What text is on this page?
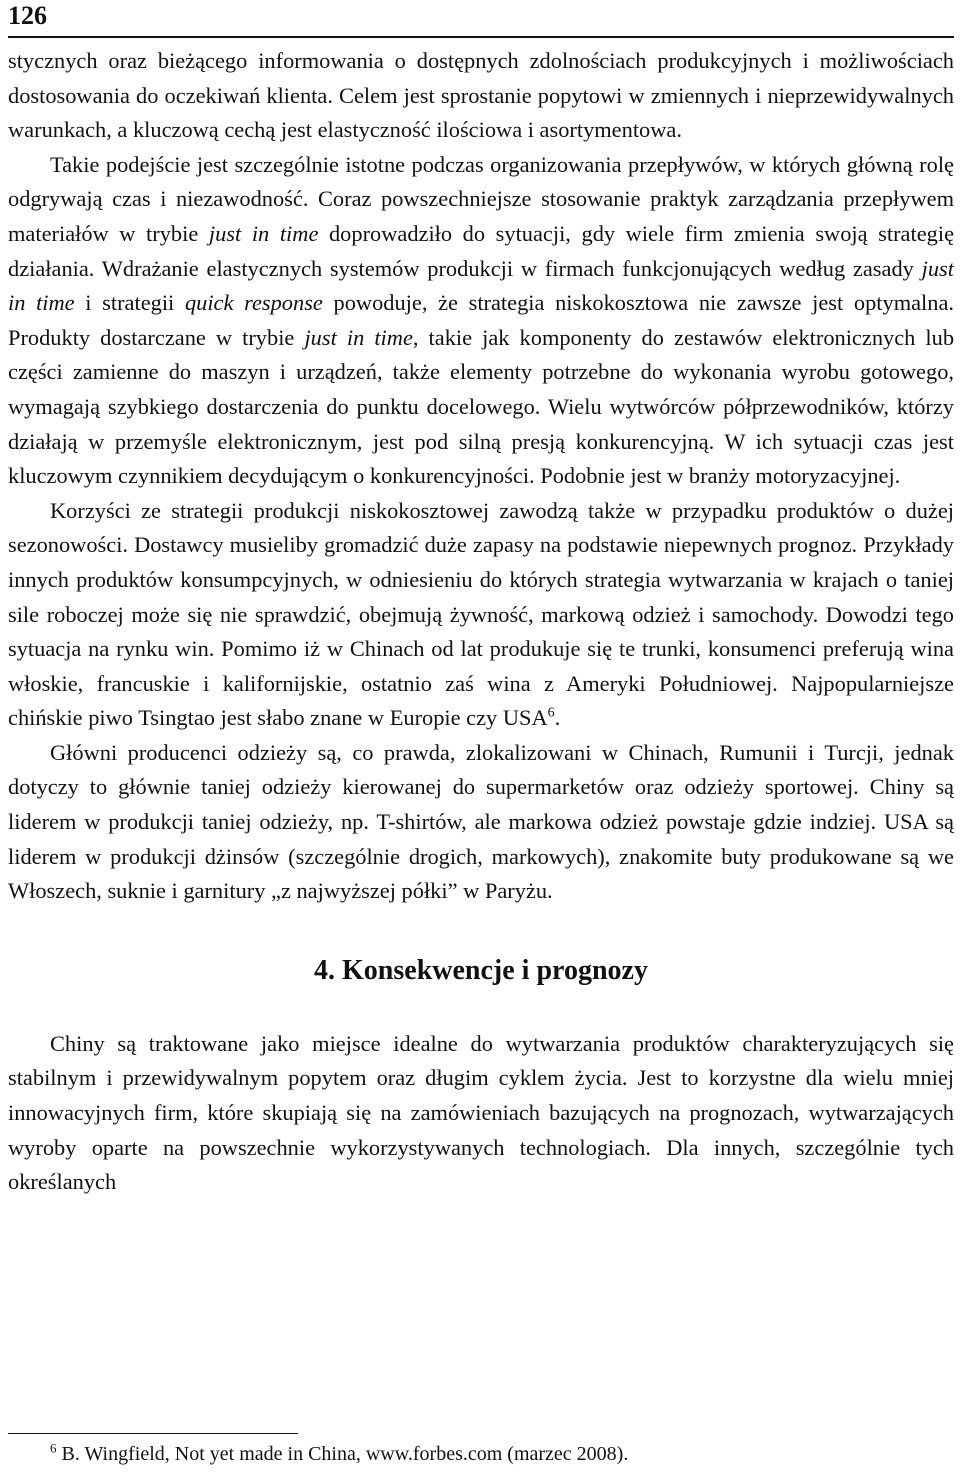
126

stycznych oraz bieżącego informowania o dostępnych zdolnościach produkcyjnych i możliwościach dostosowania do oczekiwań klienta. Celem jest sprostanie popytowi w zmiennych i nieprzewidywalnych warunkach, a kluczową cechą jest elastyczność ilościowa i asortymentowa.

Takie podejście jest szczególnie istotne podczas organizowania przepływów, w których główną rolę odgrywają czas i niezawodność. Coraz powszechniejsze stosowanie praktyk zarządzania przepływem materiałów w trybie just in time doprowadziło do sytuacji, gdy wiele firm zmienia swoją strategię działania. Wdrażanie elastycznych systemów produkcji w firmach funkcjonujących według zasady just in time i strategii quick response powoduje, że strategia niskokosztowa nie zawsze jest optymalna. Produkty dostarczane w trybie just in time, takie jak komponenty do zestawów elektronicznych lub części zamienne do maszyn i urządzeń, także elementy potrzebne do wykonania wyrobu gotowego, wymagają szybkiego dostarczenia do punktu docelowego. Wielu wytwórców półprzewodników, którzy działają w przemyśle elektronicznym, jest pod silną presją konkurencyjną. W ich sytuacji czas jest kluczowym czynnikiem decydującym o konkurencyjności. Podobnie jest w branży motoryzacyjnej.

Korzyści ze strategii produkcji niskokosztowej zawodzą także w przypadku produktów o dużej sezonowości. Dostawcy musieliby gromadzić duże zapasy na podstawie niepewnych prognoz. Przykłady innych produktów konsumpcyjnych, w odniesieniu do których strategia wytwarzania w krajach o taniej sile roboczej może się nie sprawdzić, obejmują żywność, markową odzież i samochody. Dowodzi tego sytuacja na rynku win. Pomimo iż w Chinach od lat produkuje się te trunki, konsumenci preferują wina włoskie, francuskie i kalifornijskie, ostatnio zaś wina z Ameryki Południowej. Najpopularniejsze chińskie piwo Tsingtao jest słabo znane w Europie czy USA$^6$.

Główni producenci odzieży są, co prawda, zlokalizowani w Chinach, Rumunii i Turcji, jednak dotyczy to głównie taniej odzieży kierowanej do supermarketów oraz odzieży sportowej. Chiny są liderem w produkcji taniej odzieży, np. T-shirtów, ale markowa odzież powstaje gdzie indziej. USA są liderem w produkcji dżinsów (szczególnie drogich, markowych), znakomite buty produkowane są we Włoszech, suknie i garnitury „z najwyższej półki” w Paryżu.

4. Konsekwencje i prognozy

Chiny są traktowane jako miejsce idealne do wytwarzania produktów charakteryzujących się stabilnym i przewidywalnym popytem oraz długim cyklem życia. Jest to korzystne dla wielu mniej innowacyjnych firm, które skupiają się na zamówieniach bazujących na prognozach, wytwarzających wyroby oparte na powszechnie wykorzystywanych technologiach. Dla innych, szczególnie tych określanych

$^6$ B. Wingfield, Not yet made in China, www.forbes.com (marzec 2008).
